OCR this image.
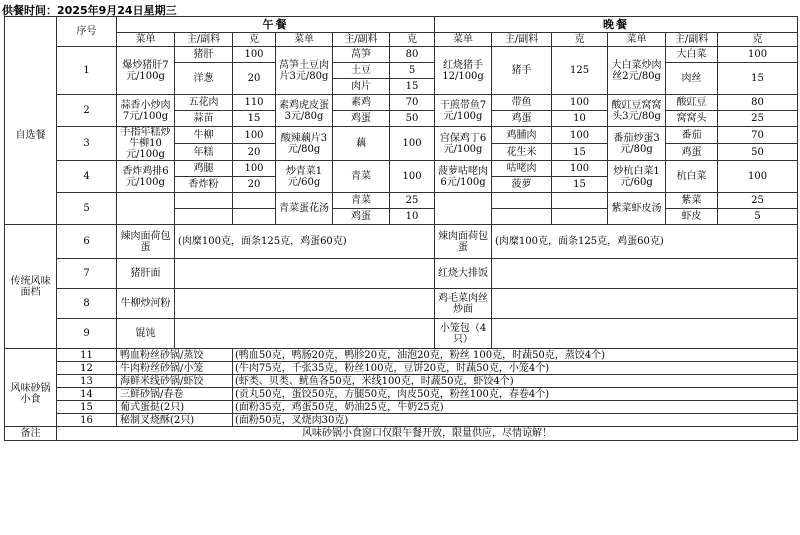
供餐时间：2025年9月24日星期三
	序号	午餐						晚餐					
		菜单	主/副料	克	菜单	主/副料	克	菜单	主/副料	克	菜单	主/副料	克
自选餐	1	爆炒猪肝7元/100g	猪肝	100	莴笋土豆肉片3元/80g	莴笋	80	红烧猪手12/100g	猪手	125	大白菜炒肉丝2元/80g	大白菜	100
			洋葱	20		土豆	5					肉丝	15
						肉片	15						
	2	蒜香小炒肉7元/100g	五花肉	110	素鸡虎皮蛋3元/80g	素鸡	70	干煎带鱼7元/100g	带鱼	100	酸豇豆窝窝头3元/80g	酸豇豆	80
			蒜苗	15		鸡蛋	50		鸡蛋	10		窝窝头	25
	3	手指年糕炒牛柳10元/100g	牛柳	100	酸辣藕片3元/80g	藕	100	宫保鸡丁6元/100g	鸡脯肉	100	番茄炒蛋3元/80g	番茄	70
			年糕	20					花生米	15		鸡蛋	50
	4	香炸鸡排6元/100g	鸡腿	100	炒青菜1元/60g	青菜	100	菠萝咕咾肉6元/100g	咕咾肉	100	炒杭白菜1元/60g	杭白菜	100
			香炸粉	20					菠萝	15			
	5				青菜蛋花汤	青菜	25				紫菜虾皮汤	紫菜	25
						鸡蛋	10					虾皮	5
传统风味面档	6	辣肉面荷包蛋	(肉糜100克，面条125克，鸡蛋60克)					辣肉面荷包蛋	(肉糜100克，面条125克，鸡蛋60克)				
	7	猪肝面						红烧大排饭					
	8	牛柳炒河粉						鸡毛菜肉丝炒面					
	9	馄饨						小笼包（4只）					
	11	鸭血粉丝砂锅/蒸饺		(鸭血50克，鸭肠20克，鸭胗20克，油泡20克，粉丝 100克，时蔬50克，蒸饺4个)									
风味砂锅小食	12	牛肉粉丝砂锅/小笼		(牛肉75克，千张35克，粉丝100克，豆饼20克，时蔬50克，小笼4个)									
	13	海鲜米线砂锅/虾饺		(虾类、贝类、鱿鱼各50克，米线100克，时蔬50克，虾饺4个)									
	14	三鲜砂锅/春卷		(贡丸50克，蛋饺50克，方腿50克，肉皮50克，粉丝100克，春卷4个)									
	15	葡式蛋挞(2只)		(面粉35克，鸡蛋50克，奶油25克，牛奶25克)									
	16	秘制叉烧酥(2只)		(面粉50克，叉烧肉30克)									
备注	风味砂锅小食窗口仅限午餐开放，限量供应，尽情谅解！												
